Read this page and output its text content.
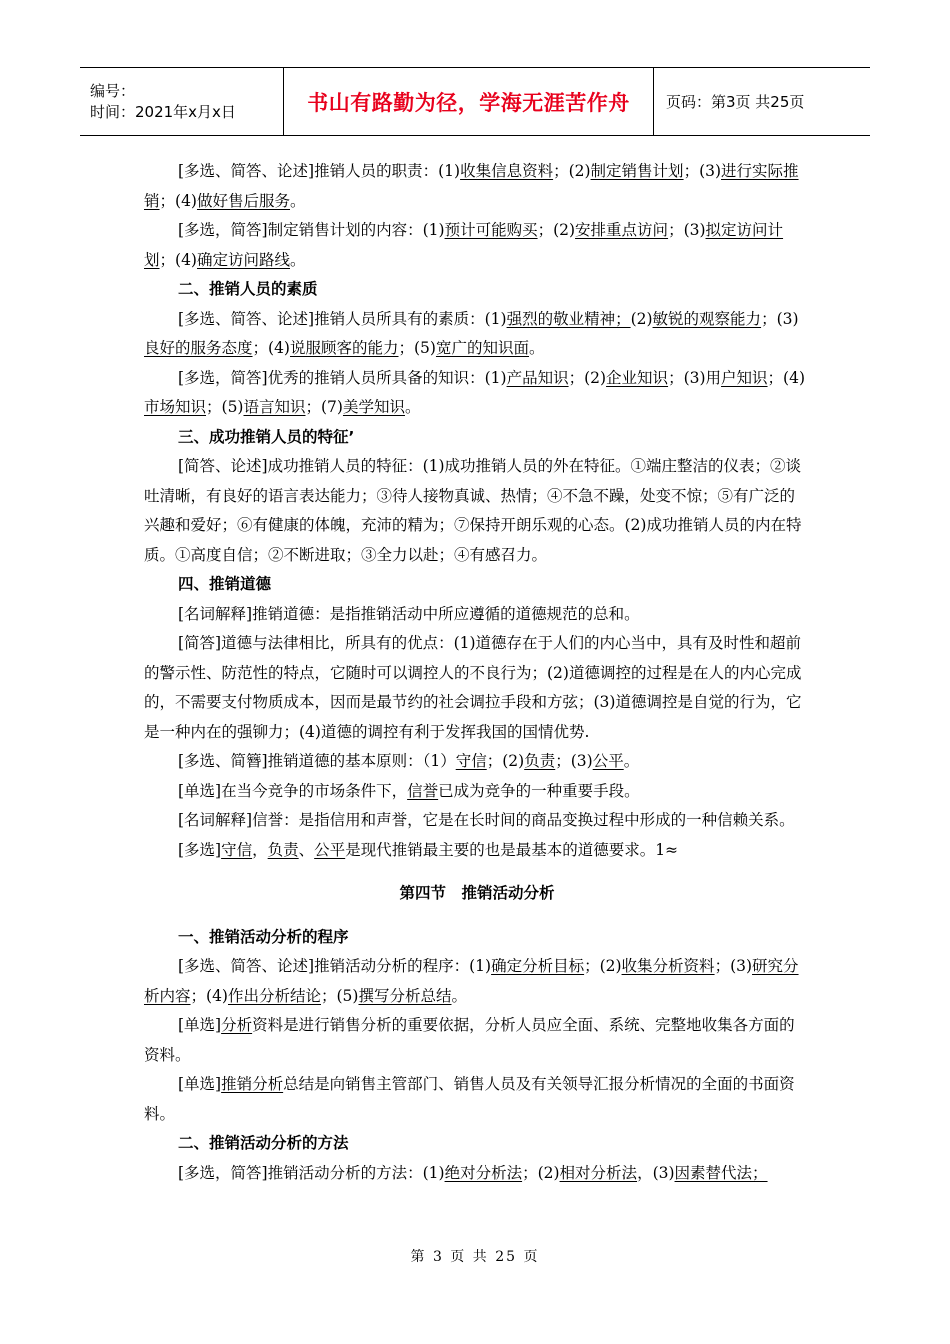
编号：
时间：2021年x月x日	书山有路勤为径，学海无涯苦作舟	页码：第3页 共25页

[多选、简答、论述]推销人员的职责：(1)收集信息资料；(2)制定销售计划；(3)进行实际推销；(4)做好售后服务。

[多选，简答]制定销售计划的内容：(1)预计可能购买；(2)安排重点访问；(3)拟定访问计划；(4)确定访问路线。

二、推销人员的素质

[多选、简答、论述]推销人员所具有的素质：(1)强烈的敬业精神；(2)敏锐的观察能力；(3)良好的服务态度；(4)说服顾客的能力；(5)宽广的知识面。

[多选，简答]优秀的推销人员所具备的知识：(1)产品知识；(2)企业知识；(3)用户知识；(4)市场知识；(5)语言知识；(7)美学知识。

三、成功推销人员的特征’

[简答、论述]成功推销人员的特征：(1)成功推销人员的外在特征。①端庄整洁的仪表；②谈吐清晰，有良好的语言表达能力；③待人接物真诚、热情；④不急不躁，处变不惊；⑤有广泛的兴趣和爱好；⑥有健康的体魄，充沛的精为；⑦保持开朗乐观的心态。(2)成功推销人员的内在特质。①高度自信；②不断进取；③全力以赴；④有感召力。

四、推销道德

[名词解释]推销道德：是指推销活动中所应遵循的道德规范的总和。

[简答]道德与法律相比，所具有的优点：(1)道德存在于人们的内心当中，具有及时性和超前的警示性、防范性的特点，它随时可以调控人的不良行为；(2)道德调控的过程是在人的内心完成的，不需要支付物质成本，因而是最节约的社会调拉手段和方弦；(3)道德调控是自觉的行为，它是一种内在的强铆力；(4)道德的调控有利于发挥我国的国情优势.

[多选、简簪]推销道德的基本原则：（1）守信；(2)负责；(3)公平。

[单选]在当今竞争的市场条件下，信誉已成为竞争的一种重要手段。

[名词解释]信誉：是指信用和声誉，它是在长时间的商品变换过程中形成的一种信赖关系。

[多选]守信，负责、公平是现代推销最主要的也是最基本的道德要求。1≈

第四节　推销活动分析

一、推销活动分析的程序

[多选、简答、论述]推销活动分析的程序：(1)确定分析目标；(2)收集分析资料；(3)研究分析内容；(4)作出分析结论；(5)撰写分析总结。

[单选]分析资料是进行销售分析的重要依据，分析人员应全面、系统、完整地收集各方面的资料。

[单选]推销分析总结是向销售主管部门、销售人员及有关领导汇报分析情况的全面的书面资料。

二、推销活动分析的方法

[多选，简答]推销活动分析的方法：(1)绝对分析法；(2)相对分析法，(3)因素替代法；

第 3 页 共 25 页
